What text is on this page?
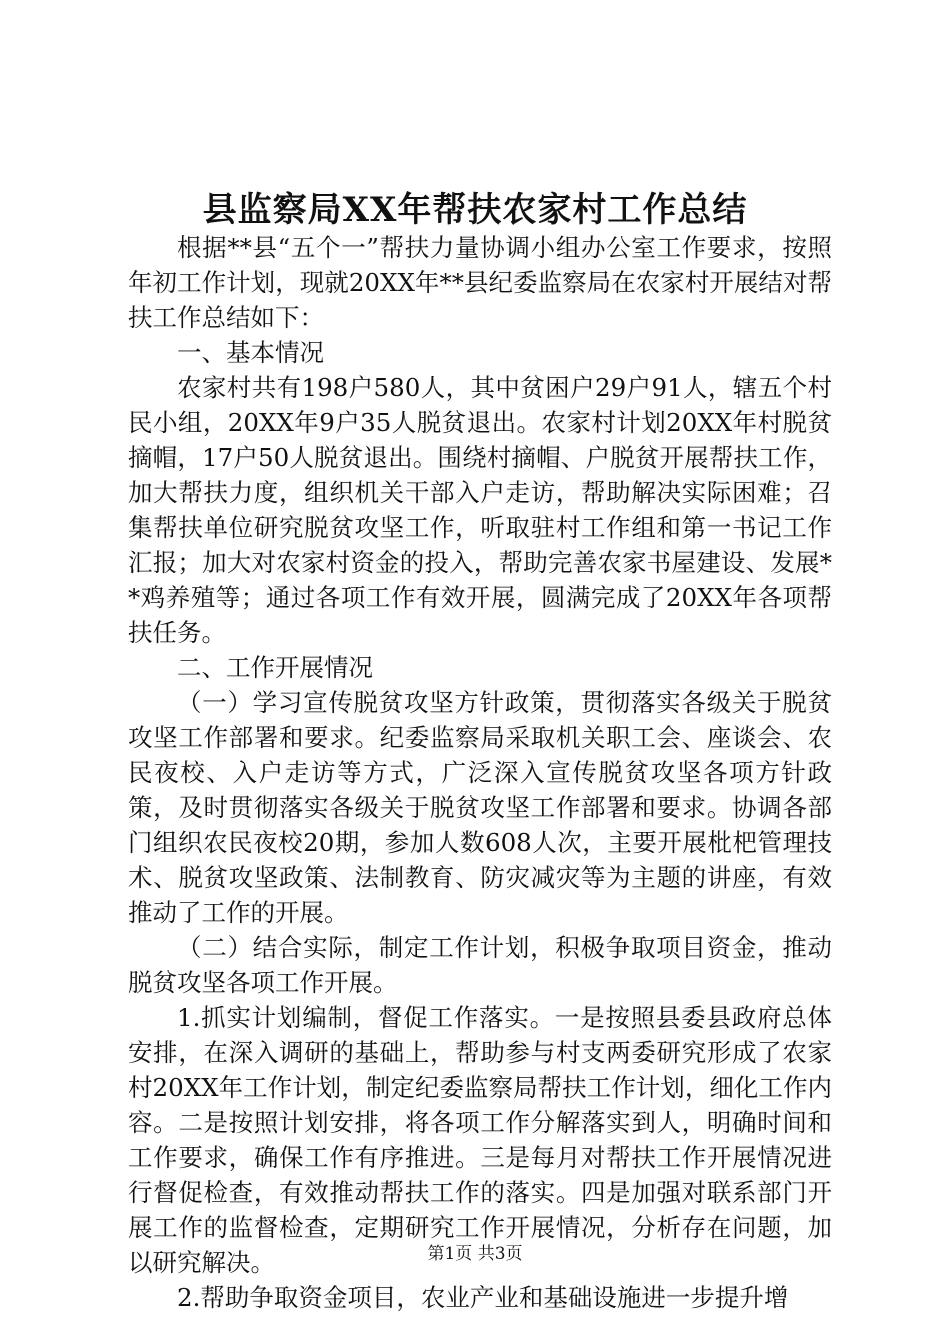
县监察局XX年帮扶农家村工作总结

根据**县“五个一”帮扶力量协调小组办公室工作要求，按照年初工作计划，现就20XX年**县纪委监察局在农家村开展结对帮扶工作总结如下：

一、基本情况

农家村共有198户580人，其中贫困户29户91人，辖五个村民小组，20XX年9户35人脱贫退出。农家村计划20XX年村脱贫摘帽，17户50人脱贫退出。围绕村摘帽、户脱贫开展帮扶工作，加大帮扶力度，组织机关干部入户走访，帮助解决实际困难；召集帮扶单位研究脱贫攻坚工作，听取驻村工作组和第一书记工作汇报；加大对农家村资金的投入，帮助完善农家书屋建设、发展**鸡养殖等；通过各项工作有效开展，圆满完成了20XX年各项帮扶任务。

二、工作开展情况

（一）学习宣传脱贫攻坚方针政策，贯彻落实各级关于脱贫攻坚工作部署和要求。纪委监察局采取机关职工会、座谈会、农民夜校、入户走访等方式，广泛深入宣传脱贫攻坚各项方针政策，及时贯彻落实各级关于脱贫攻坚工作部署和要求。协调各部门组织农民夜校20期，参加人数608人次，主要开展枇杷管理技术、脱贫攻坚政策、法制教育、防灾减灾等为主题的讲座，有效推动了工作的开展。

（二）结合实际，制定工作计划，积极争取项目资金，推动脱贫攻坚各项工作开展。

1.抓实计划编制，督促工作落实。一是按照县委县政府总体安排，在深入调研的基础上，帮助参与村支两委研究形成了农家村20XX年工作计划，制定纪委监察局帮扶工作计划，细化工作内容。二是按照计划安排，将各项工作分解落实到人，明确时间和工作要求，确保工作有序推进。三是每月对帮扶工作开展情况进行督促检查，有效推动帮扶工作的落实。四是加强对联系部门开展工作的监督检查，定期研究工作开展情况，分析存在问题，加以研究解决。

2.帮助争取资金项目，农业产业和基础设施进一步提升增

第1页 共3页
